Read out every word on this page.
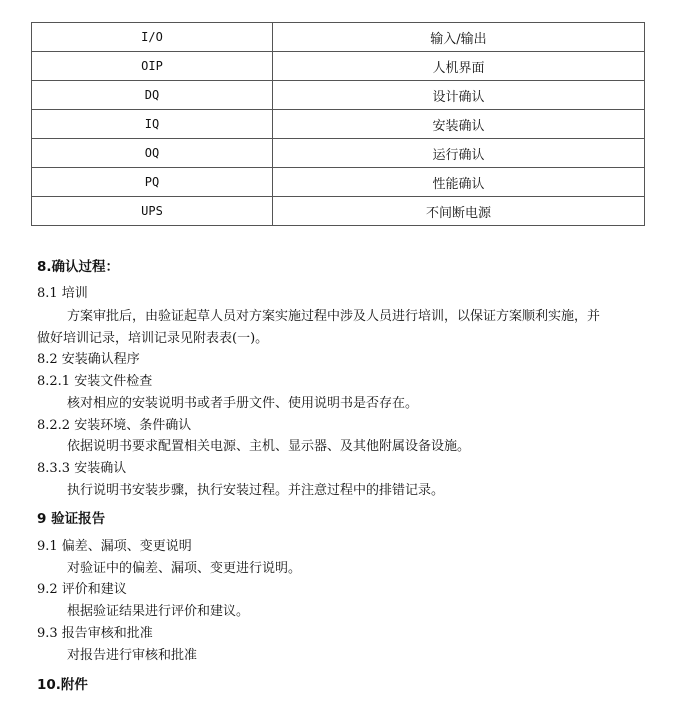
I/O	输入/输出
OIP	人机界面
DQ	设计确认
IQ	安装确认
OQ	运行确认
PQ	性能确认
UPS	不间断电源
8.确认过程：
8.1 培训
方案审批后，由验证起草人员对方案实施过程中涉及人员进行培训，以保证方案顺利实施，并
做好培训记录，培训记录见附表表(一)。
8.2 安装确认程序
8.2.1 安装文件检查
核对相应的安装说明书或者手册文件、使用说明书是否存在。
8.2.2 安装环境、条件确认
依据说明书要求配置相关电源、主机、显示器、及其他附属设备设施。
8.3.3 安装确认
执行说明书安装步骤，执行安装过程。并注意过程中的排错记录。
9 验证报告
9.1 偏差、漏项、变更说明
对验证中的偏差、漏项、变更进行说明。
9.2 评价和建议
根据验证结果进行评价和建议。
9.3 报告审核和批准
对报告进行审核和批准
10.附件
